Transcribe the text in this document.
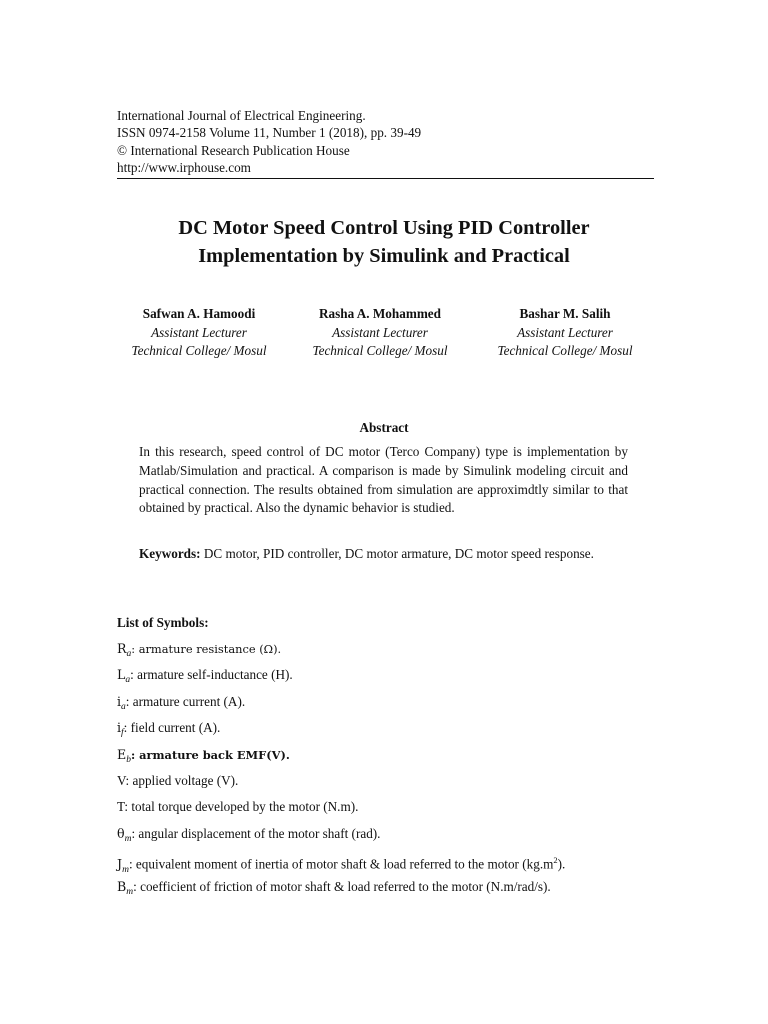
International Journal of Electrical Engineering.
ISSN 0974-2158 Volume 11, Number 1 (2018), pp. 39-49
© International Research Publication House
http://www.irphouse.com
DC Motor Speed Control Using PID Controller
Implementation by Simulink and Practical
Safwan A. Hamoodi
Assistant Lecturer
Technical College/ Mosul
Rasha A. Mohammed
Assistant Lecturer
Technical College/ Mosul
Bashar M. Salih
Assistant Lecturer
Technical College/ Mosul
Abstract
In this research, speed control of DC motor (Terco Company) type is implementation by Matlab/Simulation and practical. A comparison is made by Simulink modeling circuit and practical connection. The results obtained from simulation are approximdtly similar to that obtained by practical. Also the dynamic behavior is studied.
Keywords: DC motor, PID controller, DC motor armature, DC motor speed response.
List of Symbols:
$R_a$: armature resistance (Ω).
$L_a$: armature self-inductance (H).
$i_a$: armature current (A).
$i_f$: field current (A).
$E_b$: armature back EMF(V).
V: applied voltage (V).
T: total torque developed by the motor (N.m).
$\theta_m$: angular displacement of the motor shaft (rad).
$J_m$: equivalent moment of inertia of motor shaft & load referred to the motor $(kg.m^2)$.
$B_m$: coefficient of friction of motor shaft & load referred to the motor (N.m/rad/s).
